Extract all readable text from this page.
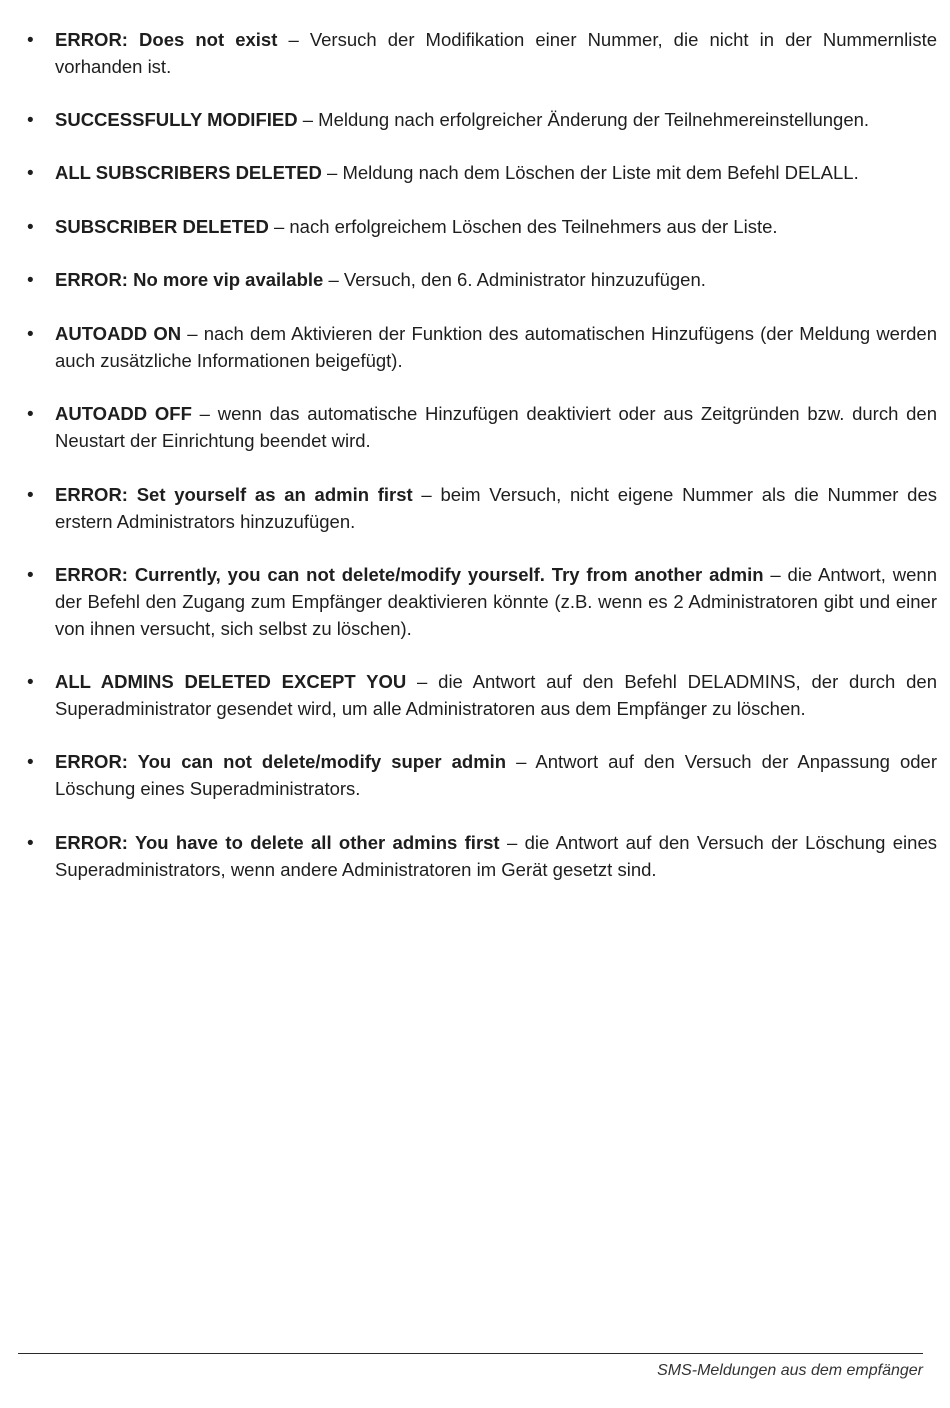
• ERROR: Does not exist – Versuch der Modifikation einer Nummer, die nicht in der Nummernliste vorhanden ist.
• SUCCESSFULLY MODIFIED – Meldung nach erfolgreicher Änderung der Teilnehmereinstellungen.
• ALL SUBSCRIBERS DELETED – Meldung nach dem Löschen der Liste mit dem Befehl DELALL.
• SUBSCRIBER DELETED – nach erfolgreichem Löschen des Teilnehmers aus der Liste.
• ERROR: No more vip available – Versuch, den 6. Administrator hinzuzufügen.
• AUTOADD ON – nach dem Aktivieren der Funktion des automatischen Hinzufügens (der Meldung werden auch zusätzliche Informationen beigefügt).
• AUTOADD OFF – wenn das automatische Hinzufügen deaktiviert oder aus Zeitgründen bzw. durch den Neustart der Einrichtung beendet wird.
• ERROR: Set yourself as an admin first – beim Versuch, nicht eigene Nummer als die Nummer des erstern Administrators hinzuzufügen.
• ERROR: Currently, you can not delete/modify yourself. Try from another admin – die Antwort, wenn der Befehl den Zugang zum Empfänger deaktivieren könnte (z.B. wenn es 2 Administratoren gibt und einer von ihnen versucht, sich selbst zu löschen).
• ALL ADMINS DELETED EXCEPT YOU – die Antwort auf den Befehl DELADMINS, der durch den Superadministrator gesendet wird, um alle Administratoren aus dem Empfänger zu löschen.
• ERROR: You can not delete/modify super admin – Antwort auf den Versuch der Anpassung oder Löschung eines Superadministrators.
• ERROR: You have to delete all other admins first – die Antwort auf den Versuch der Löschung eines Superadministrators, wenn andere Administratoren im Gerät gesetzt sind.
SMS-Meldungen aus dem empfänger
